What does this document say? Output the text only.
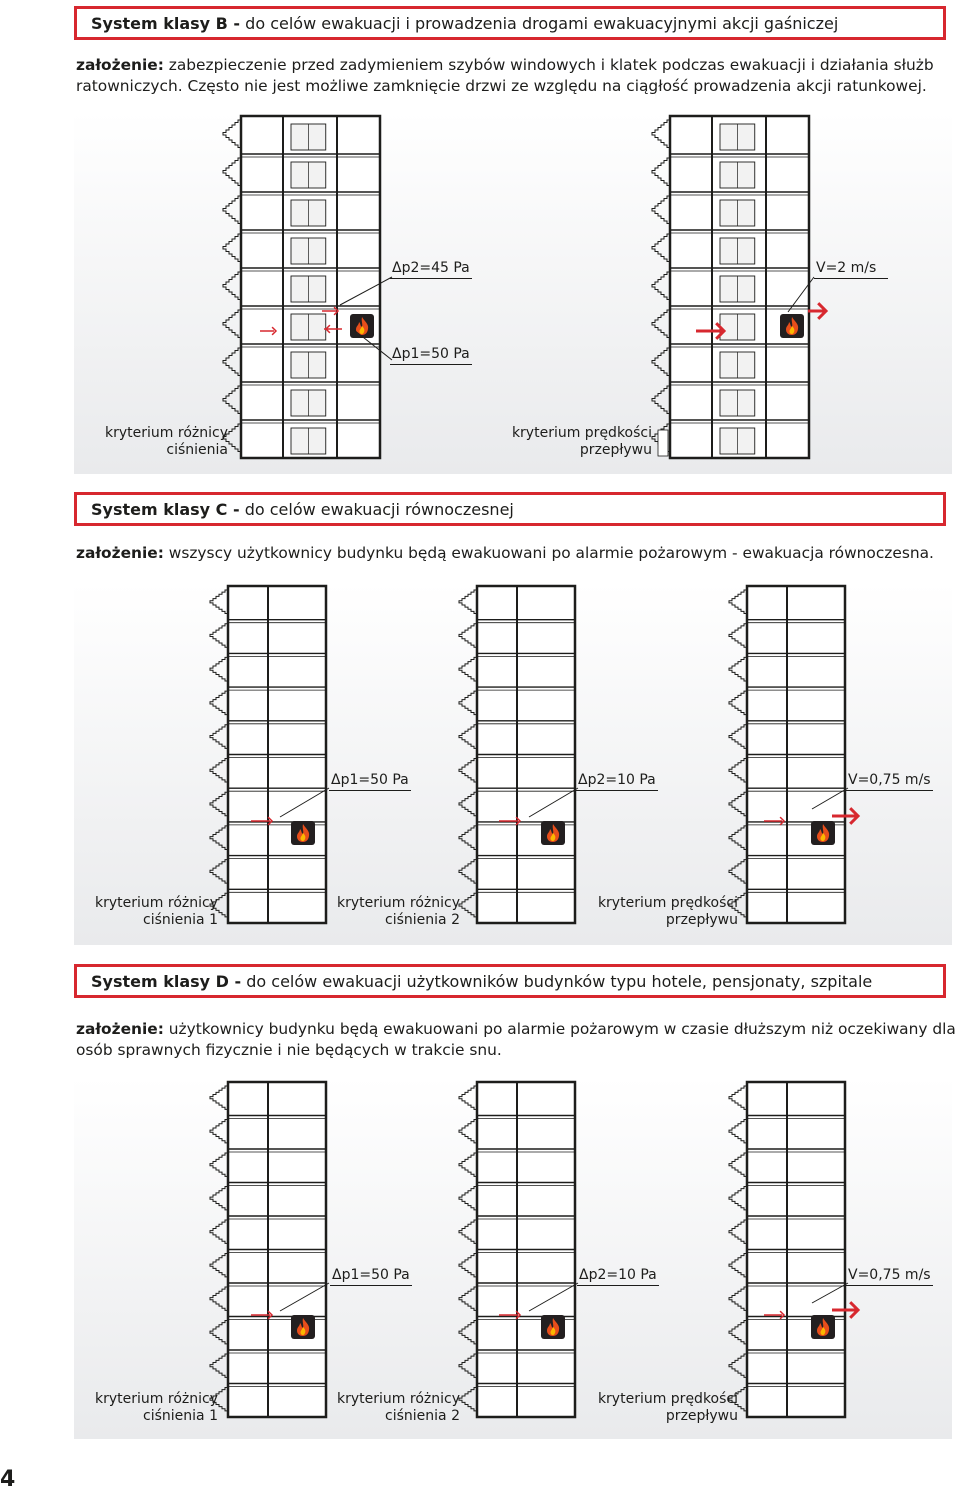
System klasy B - do celów ewakuacji i prowadzenia drogami ewakuacyjnymi akcji gaśniczej
założenie: zabezpieczenie przed zadymieniem szybów windowych i klatek podczas ewakuacji i działania służb ratowniczych. Często nie jest możliwe zamknięcie drzwi ze względu na ciągłość prowadzenia akcji ratunkowej.
Δp2=45 Pa
Δp1=50 Pa
V=2 m/s
kryterium różnicy
ciśnienia
kryterium prędkości
przepływu
System klasy C - do celów ewakuacji równoczesnej
założenie: wszyscy użytkownicy budynku będą ewakuowani po alarmie pożarowym - ewakuacja równoczesna.
Δp1=50 Pa	Δp2=10 Pa	V=0,75 m/s
kryterium różnicy
ciśnienia 1
kryterium różnicy
ciśnienia 2
kryterium prędkości
przepływu
System klasy D - do celów ewakuacji użytkowników budynków typu hotele, pensjonaty, szpitale
założenie: użytkownicy budynku będą ewakuowani po alarmie pożarowym w czasie dłuższym niż oczekiwany dla osób sprawnych fizycznie i nie będących w trakcie snu.
Δp1=50 Pa	Δp2=10 Pa	V=0,75 m/s
kryterium różnicy
ciśnienia 1
kryterium różnicy
ciśnienia 2
kryterium prędkości
przepływu
4
